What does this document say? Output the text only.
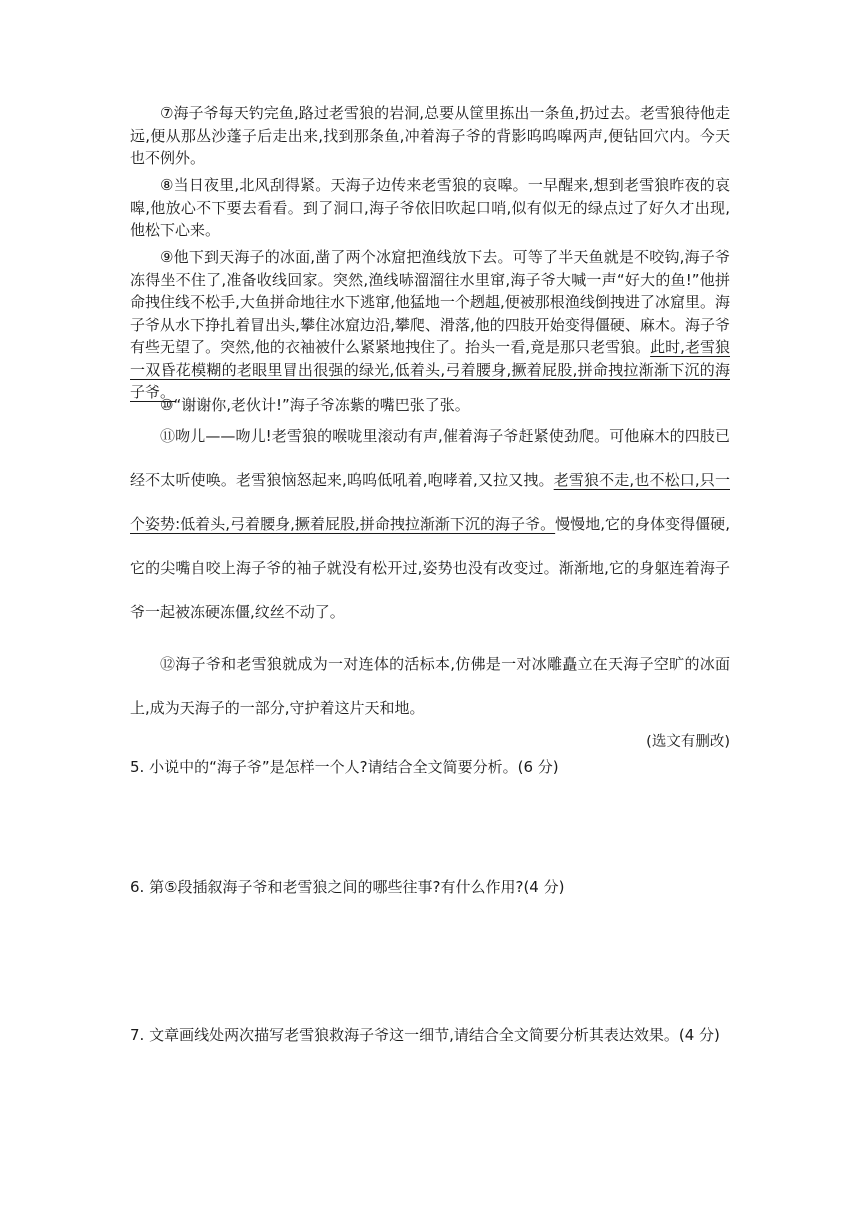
⑦海子爷每天钓完鱼,路过老雪狼的岩洞,总要从筐里拣出一条鱼,扔过去。老雪狼待他走远,便从那丛沙蓬子后走出来,找到那条鱼,冲着海子爷的背影呜呜嗥两声,便钻回穴内。今天也不例外。

⑧当日夜里,北风刮得紧。天海子边传来老雪狼的哀嗥。一早醒来,想到老雪狼昨夜的哀嗥,他放心不下要去看看。到了洞口,海子爷依旧吹起口哨,似有似无的绿点过了好久才出现,他松下心来。

⑨他下到天海子的冰面,凿了两个冰窟把渔线放下去。可等了半天鱼就是不咬钩,海子爷冻得坐不住了,准备收线回家。突然,渔线哧溜溜往水里窜,海子爷大喊一声“好大的鱼!”他拼命拽住线不松手,大鱼拼命地往水下逃窜,他猛地一个趔趄,便被那根渔线倒拽进了冰窟里。海子爷从水下挣扎着冒出头,攀住冰窟边沿,攀爬、滑落,他的四肢开始变得僵硬、麻木。海子爷有些无望了。突然,他的衣袖被什么紧紧地拽住了。抬头一看,竟是那只老雪狼。此时,老雪狼一双昏花模糊的老眼里冒出很强的绿光,低着头,弓着腰身,撅着屁股,拼命拽拉渐渐下沉的海子爷。

⑩“谢谢你,老伙计!”海子爷冻紫的嘴巴张了张。

⑪吻儿——吻儿!老雪狼的喉咙里滚动有声,催着海子爷赶紧使劲爬。可他麻木的四肢已经不太听使唤。老雪狼恼怒起来,呜呜低吼着,咆哮着,又拉又拽。老雪狼不走,也不松口,只一个姿势:低着头,弓着腰身,撅着屁股,拼命拽拉渐渐下沉的海子爷。慢慢地,它的身体变得僵硬,它的尖嘴自咬上海子爷的袖子就没有松开过,姿势也没有改变过。渐渐地,它的身躯连着海子爷一起被冻硬冻僵,纹丝不动了。

⑫海子爷和老雪狼就成为一对连体的活标本,仿佛是一对冰雕矗立在天海子空旷的冰面上,成为天海子的一部分,守护着这片天和地。

(选文有删改)

5. 小说中的“海子爷”是怎样一个人?请结合全文简要分析。(6 分)

6. 第⑤段插叙海子爷和老雪狼之间的哪些往事?有什么作用?(4 分)

7. 文章画线处两次描写老雪狼救海子爷这一细节,请结合全文简要分析其表达效果。(4 分)
